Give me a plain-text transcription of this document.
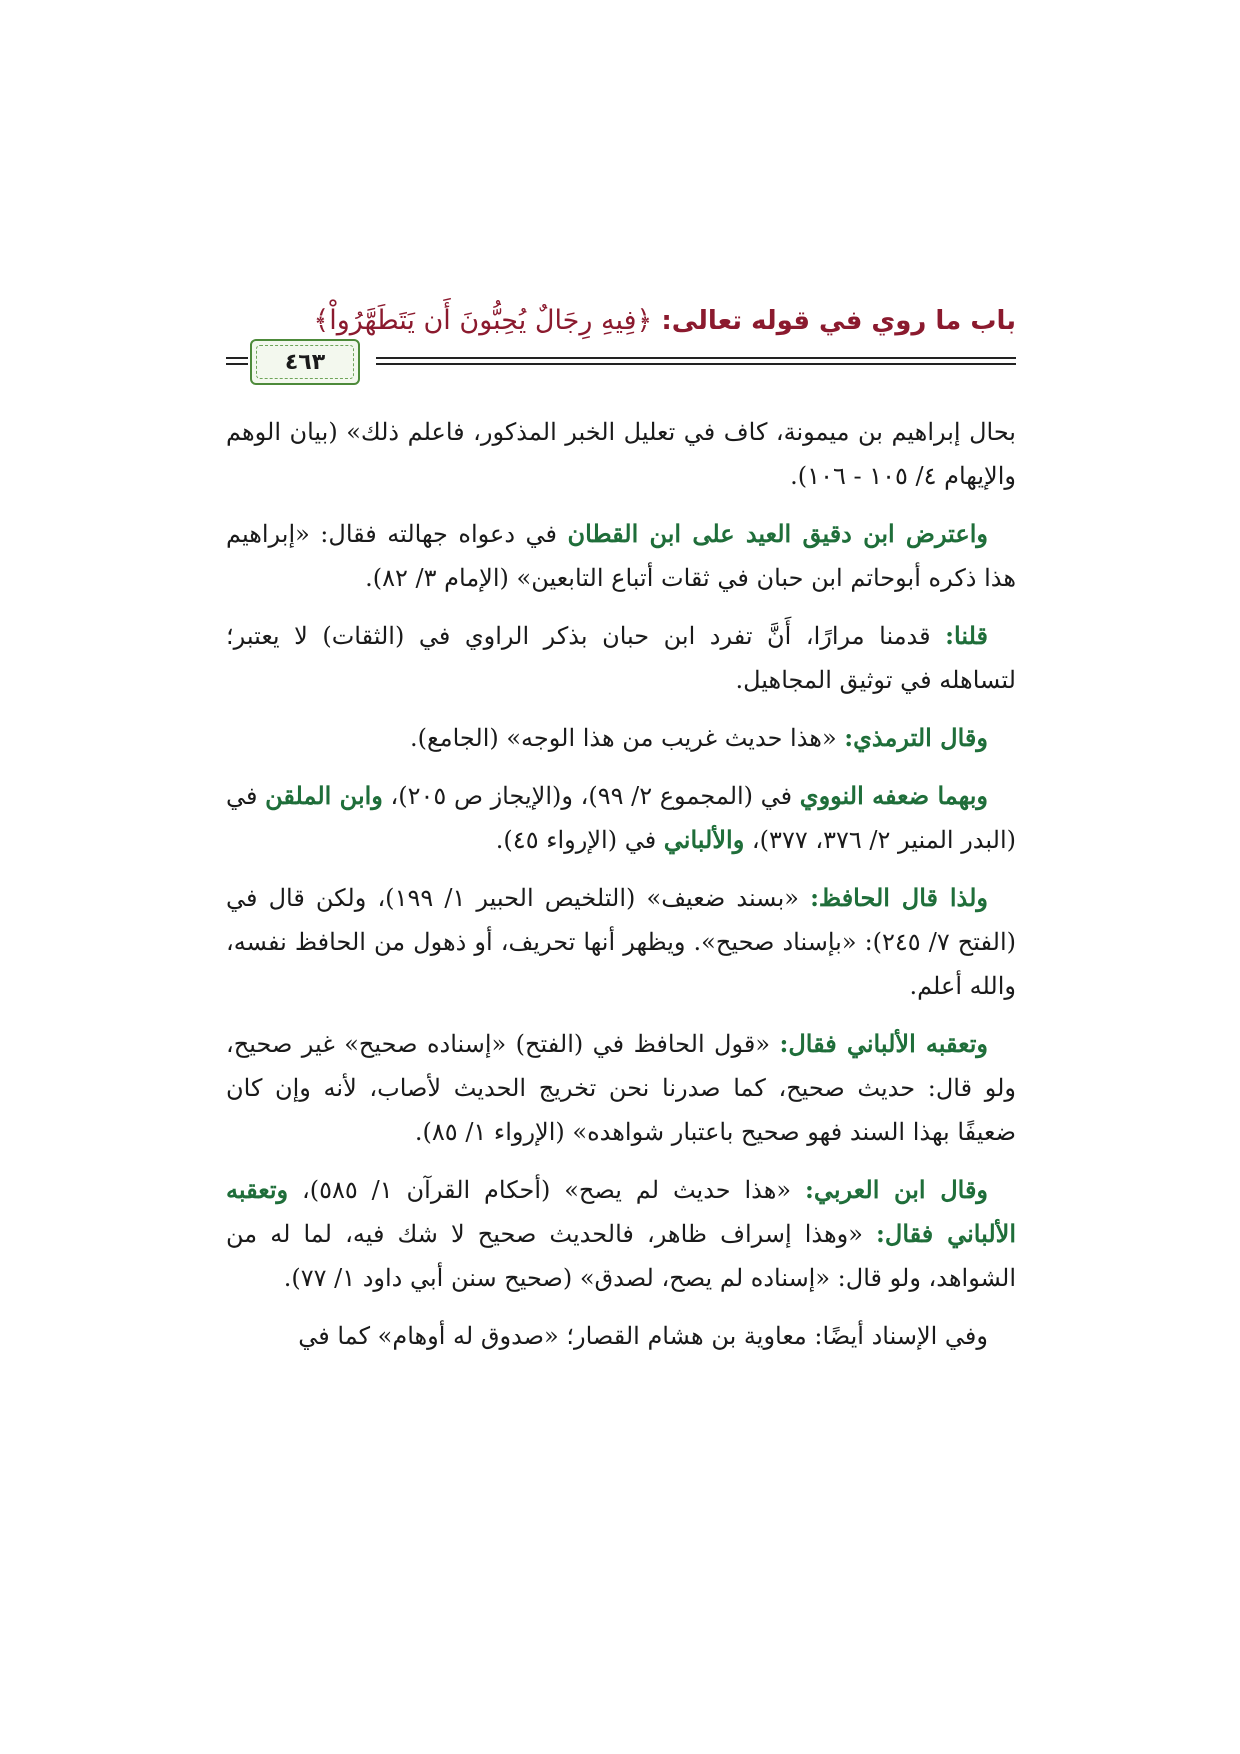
باب ما روي في قوله تعالى: ﴿فِيهِ رِجَالٌ يُحِبُّونَ أَن يَتَطَهَّرُواْ﴾
٤٦٣

بحال إبراهيم بن ميمونة، كاف في تعليل الخبر المذكور، فاعلم ذلك» (بيان الوهم والإيهام ٤/ ١٠٥ - ١٠٦).

واعترض ابن دقيق العيد على ابن القطان في دعواه جهالته فقال: «إبراهيم هذا ذكره أبوحاتم ابن حبان في ثقات أتباع التابعين» (الإمام ٣/ ٨٢).

قلنا: قدمنا مرارًا، أَنَّ تفرد ابن حبان بذكر الراوي في (الثقات) لا يعتبر؛ لتساهله في توثيق المجاهيل.

وقال الترمذي: «هذا حديث غريب من هذا الوجه» (الجامع).

وبهما ضعفه النووي في (المجموع ٢/ ٩٩)، و(الإيجاز ص ٢٠٥)، وابن الملقن في (البدر المنير ٢/ ٣٧٦، ٣٧٧)، والألباني في (الإرواء ٤٥).

ولذا قال الحافظ: «بسند ضعيف» (التلخيص الحبير ١/ ١٩٩)، ولكن قال في (الفتح ٧/ ٢٤٥): «بإسناد صحيح». ويظهر أنها تحريف، أو ذهول من الحافظ نفسه، والله أعلم.

وتعقبه الألباني فقال: «قول الحافظ في (الفتح) «إسناده صحيح» غير صحيح، ولو قال: حديث صحيح، كما صدرنا نحن تخريج الحديث لأصاب، لأنه وإن كان ضعيفًا بهذا السند فهو صحيح باعتبار شواهده» (الإرواء ١/ ٨٥).

وقال ابن العربي: «هذا حديث لم يصح» (أحكام القرآن ١/ ٥٨٥)، وتعقبه الألباني فقال: «وهذا إسراف ظاهر، فالحديث صحيح لا شك فيه، لما له من الشواهد، ولو قال: «إسناده لم يصح، لصدق» (صحيح سنن أبي داود ١/ ٧٧).

وفي الإسناد أيضًا: معاوية بن هشام القصار؛ «صدوق له أوهام» كما في
